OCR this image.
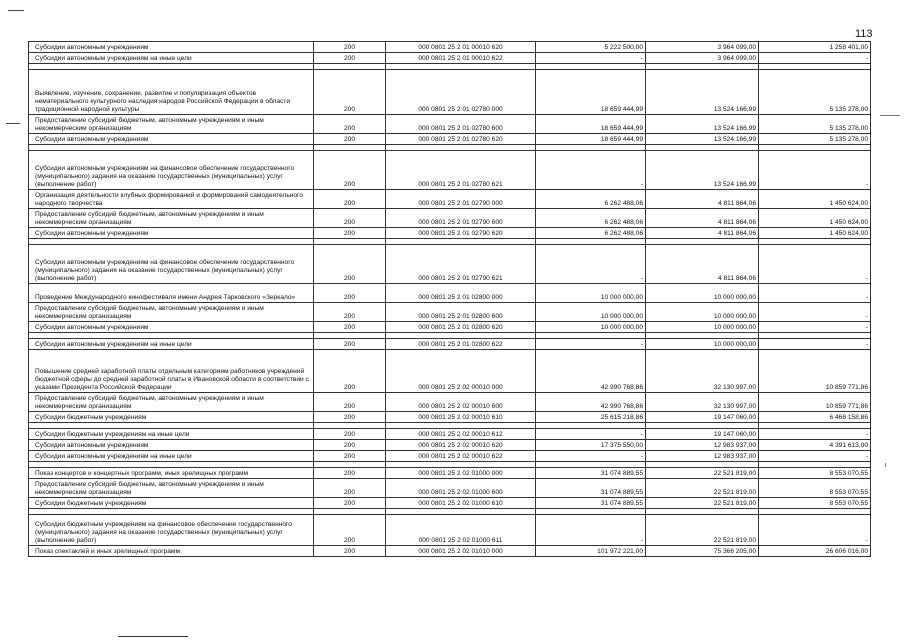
113
Субсидии автономным учреждениям	200	000 0801 25 2 01 00010 620	5 222 500,00	3 964 099,00	1 258 401,00
Субсидии автономным учреждениям на иные цели	200	000 0801 25 2 01 00010 622	-	3 964 099,00	-

Выявление, изучение, сохранение, развитие и популяризация объектов нематериального культурного наследия народов Российской Федерации в области традиционной народной культуры	200	000 0801 25 2 01 02780 000	18 659 444,99	13 524 166,99	5 135 278,00
Предоставление субсидий бюджетным, автономным учреждениям и иным некоммерческим организациям	200	000 0801 25 2 01 02780 600	18 659 444,99	13 524 166,99	5 135 278,00
Субсидии автономным учреждениям	200	000 0801 25 2 01 02780 620	18 659 444,99	13 524 166,99	5 135 278,00

Субсидии автономным учреждениям на финансовое обеспечение государственного (муниципального) задания на оказание государственных (муниципальных) услуг (выполнение работ)	200	000 0801 25 2 01 02780 621	-	13 524 166,99	-
Организация деятельности клубных формирований и формирований самодеятельного народного творчества	200	000 0801 25 2 01 02790 000	6 262 488,06	4 811 864,06	1 450 624,00
Предоставление субсидий бюджетным, автономным учреждениям и иным некоммерческим организациям	200	000 0801 25 2 01 02790 600	6 262 488,06	4 811 864,06	1 450 624,00
Субсидии автономным учреждениям	200	000 0801 25 2 01 02790 620	6 262 488,06	4 811 864,06	1 450 624,00

Субсидии автономным учреждениям на финансовое обеспечение государственного (муниципального) задания на оказание государственных (муниципальных) услуг (выполнение работ)	200	000 0801 25 2 01 02790 621	-	4 811 864,06	-
Проведение Международного кинофестиваля имени Андрея Тарковского «Зеркало»	200	000 0801 25 2 01 02800 000	10 000 000,00	10 000 000,00	-
Предоставление субсидий бюджетным, автономным учреждениям и иным некоммерческим организациям	200	000 0801 25 2 01 02800 600	10 000 000,00	10 000 000,00	-
Субсидии автономным учреждениям	200	000 0801 25 2 01 02800 620	10 000 000,00	10 000 000,00	-

Субсидии автономным учреждениям на иные цели	200	000 0801 25 2 01 02800 622	-	10 000 000,00	-
Повышение средней заработной платы отдельным категориям работников учреждений бюджетной сферы до средней заработной платы в Ивановской области в соответствии с указами Президента Российской Федерации	200	000 0801 25 2 02 00010 000	42 990 768,86	32 130 997,00	10 859 771,86
Предоставление субсидий бюджетным, автономным учреждениям и иным некоммерческим организациям	200	000 0801 25 2 02 00010 600	42 990 768,86	32 130 997,00	10 859 771,86
Субсидии бюджетным учреждениям	200	000 0801 25 2 02 00010 610	25 615 218,86	19 147 060,00	6 468 158,86

Субсидии бюджетным учреждениям на иные цели	200	000 0801 25 2 02 00010 612	-	19 147 060,00	-
Субсидии автономным учреждениям	200	000 0801 25 2 02 00010 620	17 375 550,00	12 983 937,00	4 391 613,00
Субсидии автономным учреждениям на иные цели	200	000 0801 25 2 02 00010 622	-	12 983 937,00	-

Показ концертов и концертных программ, иных зрелищных программ	200	000 0801 25 2 02 01000 000	31 074 889,55	22 521 819,00	8 553 070,55
Предоставление субсидий бюджетным, автономным учреждениям и иным некоммерческим организациям	200	000 0801 25 2 02 01000 600	31 074 889,55	22 521 819,00	8 553 070,55
Субсидии бюджетным учреждениям	200	000 0801 25 2 02 01000 610	31 074 889,55	22 521 819,00	8 553 070,55

Субсидии бюджетным учреждениям на финансовое обеспечение государственного (муниципального) задания на оказание государственных (муниципальных) услуг (выполнение работ)	200	000 0801 25 2 02 01000 611	-	22 521 819,00	-
Показ спектаклей и иных зрелищных программ	200	000 0801 25 2 02 01010 000	101 972 221,00	75 366 205,00	26 606 016,00
